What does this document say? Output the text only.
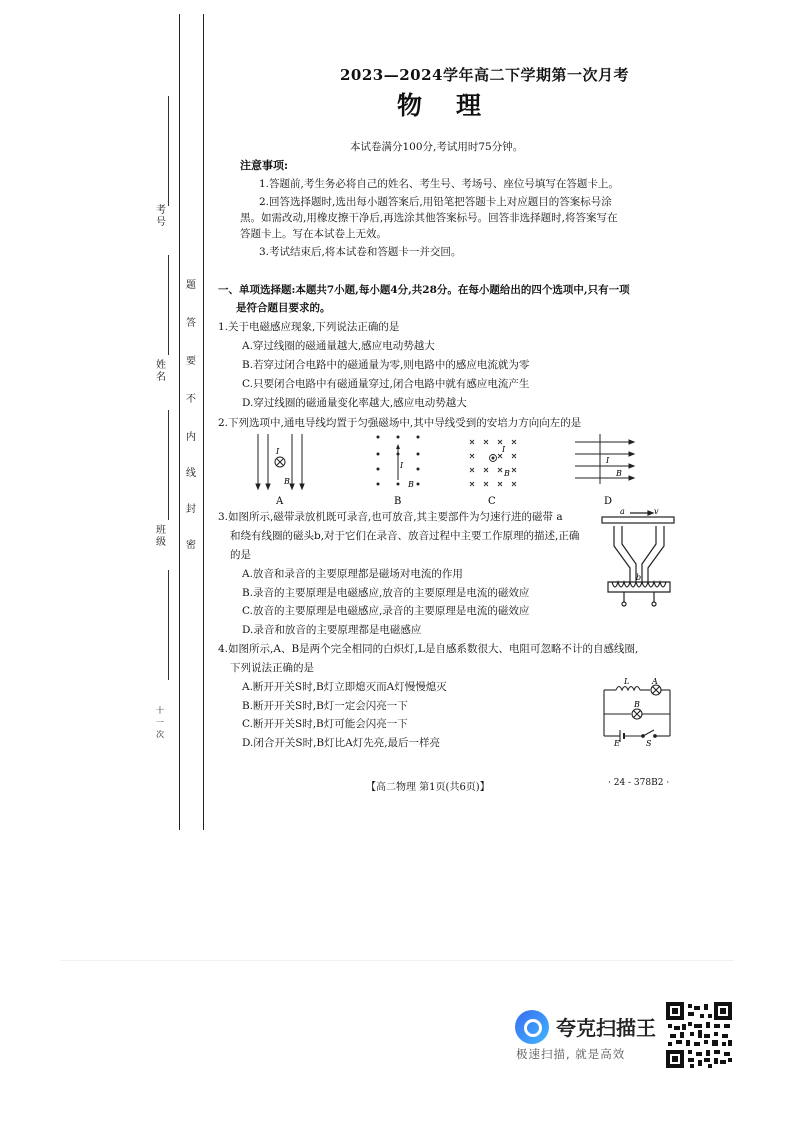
考号
姓名
班级
十一次
题
答
要
不
内
线
封
密
2023—2024学年高二下学期第一次月考
物理
本试卷满分100分,考试用时75分钟。
注意事项:
1.答题前,考生务必将自己的姓名、考生号、考场号、座位号填写在答题卡上。
2.回答选择题时,选出每小题答案后,用铅笔把答题卡上对应题目的答案标号涂
黑。如需改动,用橡皮擦干净后,再选涂其他答案标号。回答非选择题时,将答案写在
答题卡上。写在本试卷上无效。
3.考试结束后,将本试卷和答题卡一并交回。
一、单项选择题:本题共7小题,每小题4分,共28分。在每小题给出的四个选项中,只有一项
是符合题目要求的。
1.关于电磁感应现象,下列说法正确的是
A.穿过线圈的磁通量越大,感应电动势越大
B.若穿过闭合电路中的磁通量为零,则电路中的感应电流就为零
C.只要闭合电路中有磁通量穿过,闭合电路中就有感应电流产生
D.穿过线圈的磁通量变化率越大,感应电动势越大
2.下列选项中,通电导线均置于匀强磁场中,其中导线受到的安培力方向向左的是
I
B
A
I
B
B
I
B
C
I
B
D
3.如图所示,磁带录放机既可录音,也可放音,其主要部件为匀速行进的磁带 a
和绕有线圈的磁头b,对于它们在录音、放音过程中主要工作原理的描述,正确
的是
A.放音和录音的主要原理都是磁场对电流的作用
B.录音的主要原理是电磁感应,放音的主要原理是电流的磁效应
C.放音的主要原理是电磁感应,录音的主要原理是电流的磁效应
D.录音和放音的主要原理都是电磁感应
a	v
b
4.如图所示,A、B是两个完全相同的白炽灯,L是自感系数很大、电阻可忽略不计的自感线圈,
下列说法正确的是
A.断开开关S时,B灯立即熄灭而A灯慢慢熄灭
B.断开开关S时,B灯一定会闪亮一下
C.断开开关S时,B灯可能会闪亮一下
D.闭合开关S时,B灯比A灯先亮,最后一样亮
L	A
B
E	S
【高二物理 第1页(共6页)】	· 24 - 378B2 ·
夸克扫描王
极速扫描, 就是高效
